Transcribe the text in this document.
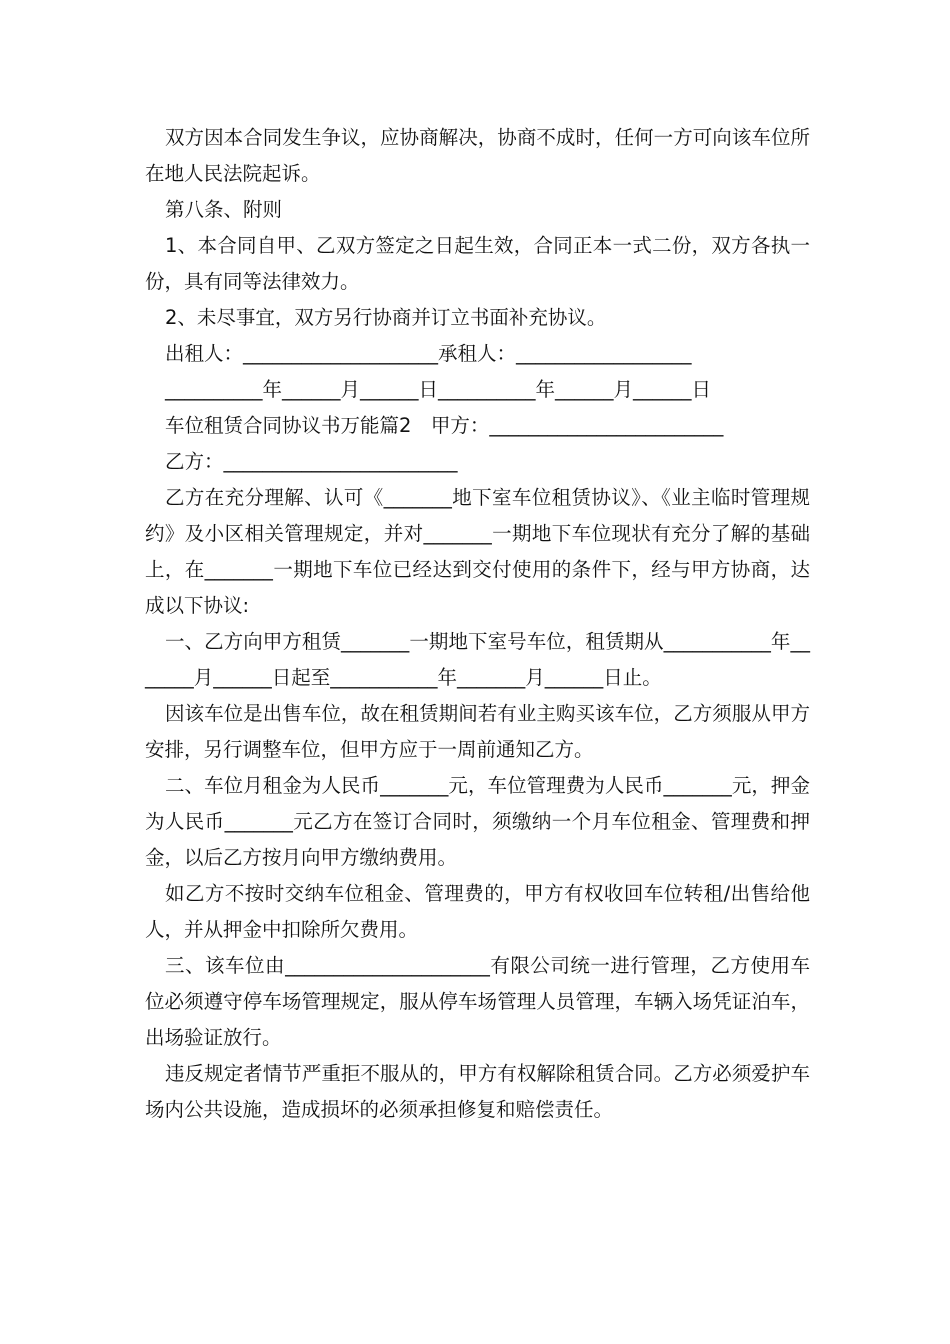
双方因本合同发生争议，应协商解决，协商不成时，任何一方可向该车位所在地人民法院起诉。

第八条、附则

1、本合同自甲、乙双方签定之日起生效，合同正本一式二份，双方各执一份，具有同等法律效力。

2、未尽事宜，双方另行协商并订立书面补充协议。

出租人：____________________承租人：__________________

__________年______月______日__________年______月______日

车位租赁合同协议书万能篇2　甲方：________________________

乙方：________________________

乙方在充分理解、认可《_______地下室车位租赁协议》、《业主临时管理规约》及小区相关管理规定，并对_______一期地下车位现状有充分了解的基础上，在_______一期地下车位已经达到交付使用的条件下，经与甲方协商，达成以下协议:

一、乙方向甲方租赁_______一期地下室号车位，租赁期从___________年_______月______日起至___________年_______月______日止。

因该车位是出售车位，故在租赁期间若有业主购买该车位，乙方须服从甲方安排，另行调整车位，但甲方应于一周前通知乙方。

二、车位月租金为人民币_______元，车位管理费为人民币_______元，押金为人民币_______元乙方在签订合同时，须缴纳一个月车位租金、管理费和押金，以后乙方按月向甲方缴纳费用。

如乙方不按时交纳车位租金、管理费的，甲方有权收回车位转租/出售给他人，并从押金中扣除所欠费用。

三、该车位由_____________________有限公司统一进行管理，乙方使用车位必须遵守停车场管理规定，服从停车场管理人员管理，车辆入场凭证泊车，出场验证放行。

违反规定者情节严重拒不服从的，甲方有权解除租赁合同。乙方必须爱护车场内公共设施，造成损坏的必须承担修复和赔偿责任。
